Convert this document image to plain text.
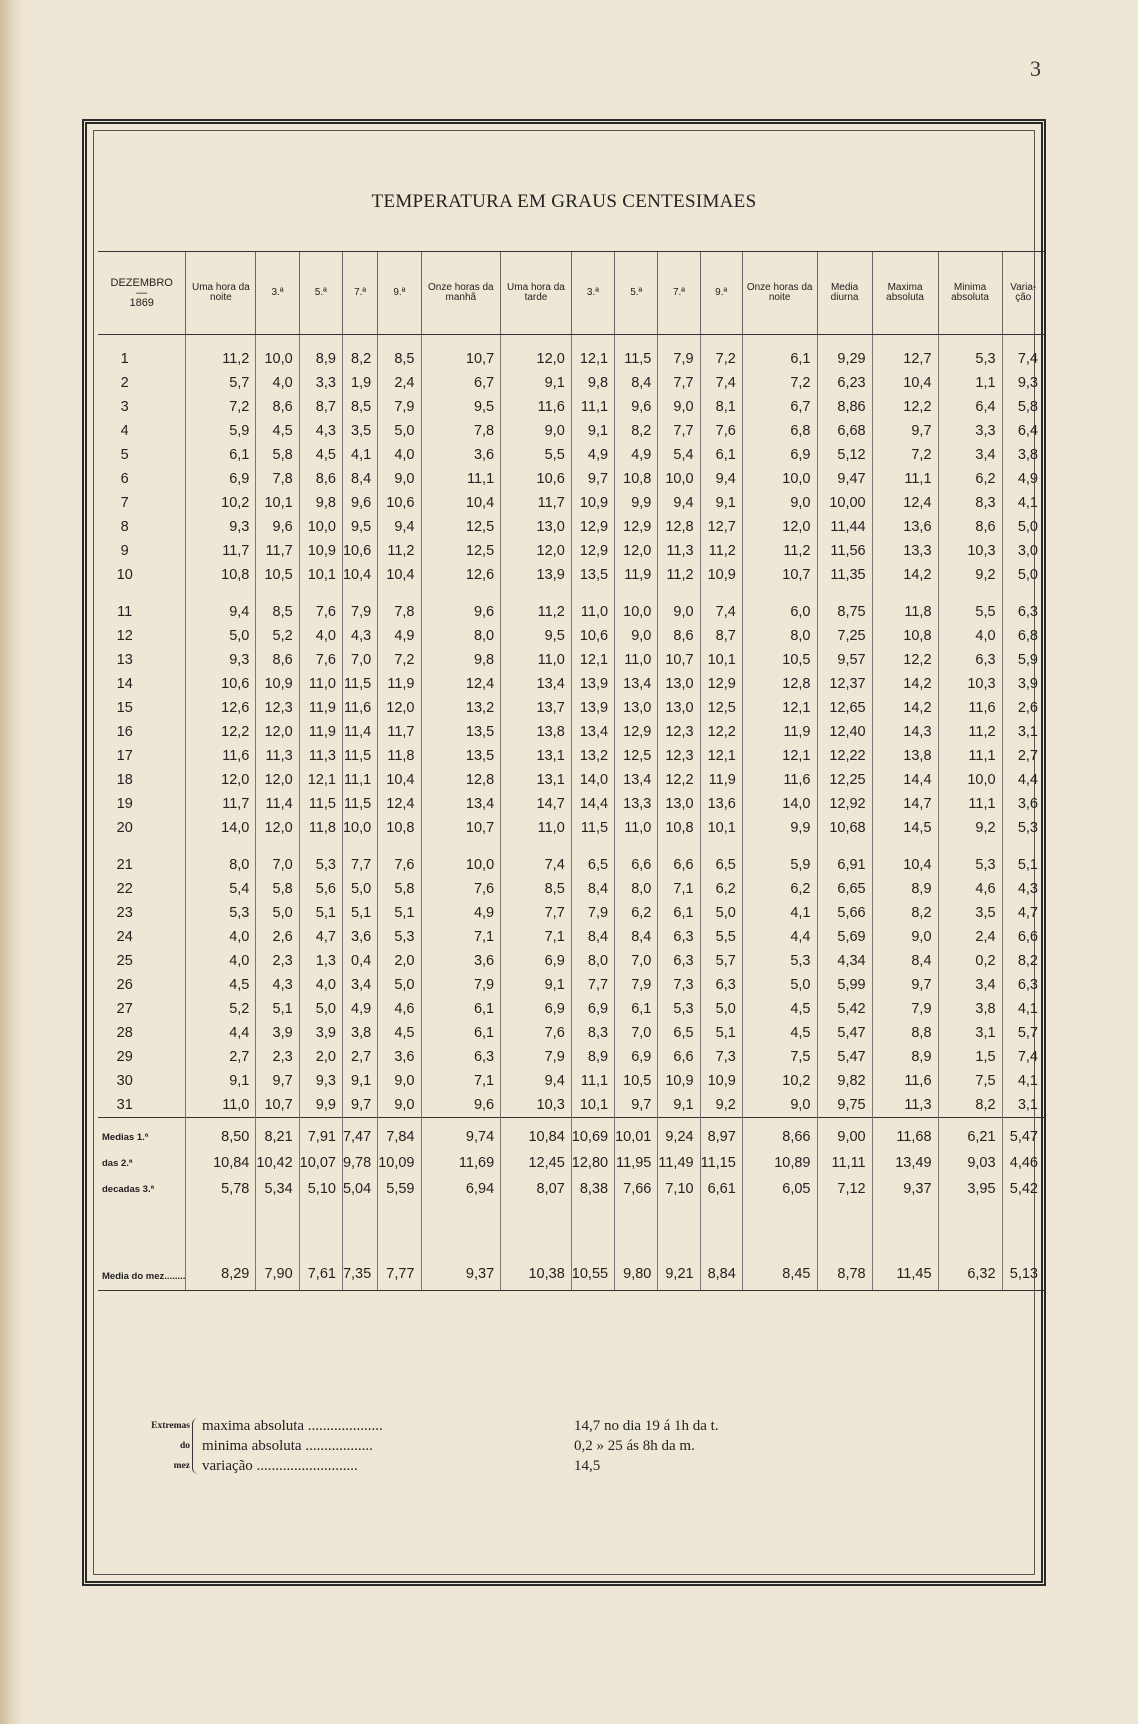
3
TEMPERATURA EM GRAUS CENTESIMAES
DEZEMBRO
—
1869	Uma hora da noite	3.ª	5.ª	7.ª	9.ª	Onze horas da manhã	Uma hora da tarde	3.ª	5.ª	7.ª	9.ª	Onze horas da noite	Media diurna	Maxima absoluta	Minima absoluta	Varia-ção
1	11,2	10,0	8,9	8,2	8,5	10,7	12,0	12,1	11,5	7,9	7,2	6,1	9,29	12,7	5,3	7,4
2	5,7	4,0	3,3	1,9	2,4	6,7	9,1	9,8	8,4	7,7	7,4	7,2	6,23	10,4	1,1	9,3
3	7,2	8,6	8,7	8,5	7,9	9,5	11,6	11,1	9,6	9,0	8,1	6,7	8,86	12,2	6,4	5,8
4	5,9	4,5	4,3	3,5	5,0	7,8	9,0	9,1	8,2	7,7	7,6	6,8	6,68	9,7	3,3	6,4
5	6,1	5,8	4,5	4,1	4,0	3,6	5,5	4,9	4,9	5,4	6,1	6,9	5,12	7,2	3,4	3,8
6	6,9	7,8	8,6	8,4	9,0	11,1	10,6	9,7	10,8	10,0	9,4	10,0	9,47	11,1	6,2	4,9
7	10,2	10,1	9,8	9,6	10,6	10,4	11,7	10,9	9,9	9,4	9,1	9,0	10,00	12,4	8,3	4,1
8	9,3	9,6	10,0	9,5	9,4	12,5	13,0	12,9	12,9	12,8	12,7	12,0	11,44	13,6	8,6	5,0
9	11,7	11,7	10,9	10,6	11,2	12,5	12,0	12,9	12,0	11,3	11,2	11,2	11,56	13,3	10,3	3,0
10	10,8	10,5	10,1	10,4	10,4	12,6	13,9	13,5	11,9	11,2	10,9	10,7	11,35	14,2	9,2	5,0

11	9,4	8,5	7,6	7,9	7,8	9,6	11,2	11,0	10,0	9,0	7,4	6,0	8,75	11,8	5,5	6,3
12	5,0	5,2	4,0	4,3	4,9	8,0	9,5	10,6	9,0	8,6	8,7	8,0	7,25	10,8	4,0	6,8
13	9,3	8,6	7,6	7,0	7,2	9,8	11,0	12,1	11,0	10,7	10,1	10,5	9,57	12,2	6,3	5,9
14	10,6	10,9	11,0	11,5	11,9	12,4	13,4	13,9	13,4	13,0	12,9	12,8	12,37	14,2	10,3	3,9
15	12,6	12,3	11,9	11,6	12,0	13,2	13,7	13,9	13,0	13,0	12,5	12,1	12,65	14,2	11,6	2,6
16	12,2	12,0	11,9	11,4	11,7	13,5	13,8	13,4	12,9	12,3	12,2	11,9	12,40	14,3	11,2	3,1
17	11,6	11,3	11,3	11,5	11,8	13,5	13,1	13,2	12,5	12,3	12,1	12,1	12,22	13,8	11,1	2,7
18	12,0	12,0	12,1	11,1	10,4	12,8	13,1	14,0	13,4	12,2	11,9	11,6	12,25	14,4	10,0	4,4
19	11,7	11,4	11,5	11,5	12,4	13,4	14,7	14,4	13,3	13,0	13,6	14,0	12,92	14,7	11,1	3,6
20	14,0	12,0	11,8	10,0	10,8	10,7	11,0	11,5	11,0	10,8	10,1	9,9	10,68	14,5	9,2	5,3

21	8,0	7,0	5,3	7,7	7,6	10,0	7,4	6,5	6,6	6,6	6,5	5,9	6,91	10,4	5,3	5,1
22	5,4	5,8	5,6	5,0	5,8	7,6	8,5	8,4	8,0	7,1	6,2	6,2	6,65	8,9	4,6	4,3
23	5,3	5,0	5,1	5,1	5,1	4,9	7,7	7,9	6,2	6,1	5,0	4,1	5,66	8,2	3,5	4,7
24	4,0	2,6	4,7	3,6	5,3	7,1	7,1	8,4	8,4	6,3	5,5	4,4	5,69	9,0	2,4	6,6
25	4,0	2,3	1,3	0,4	2,0	3,6	6,9	8,0	7,0	6,3	5,7	5,3	4,34	8,4	0,2	8,2
26	4,5	4,3	4,0	3,4	5,0	7,9	9,1	7,7	7,9	7,3	6,3	5,0	5,99	9,7	3,4	6,3
27	5,2	5,1	5,0	4,9	4,6	6,1	6,9	6,9	6,1	5,3	5,0	4,5	5,42	7,9	3,8	4,1
28	4,4	3,9	3,9	3,8	4,5	6,1	7,6	8,3	7,0	6,5	5,1	4,5	5,47	8,8	3,1	5,7
29	2,7	2,3	2,0	2,7	3,6	6,3	7,9	8,9	6,9	6,6	7,3	7,5	5,47	8,9	1,5	7,4
30	9,1	9,7	9,3	9,1	9,0	7,1	9,4	11,1	10,5	10,9	10,9	10,2	9,82	11,6	7,5	4,1
31	11,0	10,7	9,9	9,7	9,0	9,6	10,3	10,1	9,7	9,1	9,2	9,0	9,75	11,3	8,2	3,1

Medias 1.ª	8,50	8,21	7,91	7,47	7,84	9,74	10,84	10,69	10,01	9,24	8,97	8,66	9,00	11,68	6,21	5,47
das 2.ª	10,84	10,42	10,07	9,78	10,09	11,69	12,45	12,80	11,95	11,49	11,15	10,89	11,11	13,49	9,03	4,46
decadas 3.ª	5,78	5,34	5,10	5,04	5,59	6,94	8,07	8,38	7,66	7,10	6,61	6,05	7,12	9,37	3,95	5,42

Media do mez........	8,29	7,90	7,61	7,35	7,77	9,37	10,38	10,55	9,80	9,21	8,84	8,45	8,78	11,45	6,32	5,13
Extremas
do
mez
maxima absoluta ....................	14,7 no dia 19 á 1h da t.
minima absoluta ..................	0,2 » 25 ás 8h da m.
variação ...........................	14,5
